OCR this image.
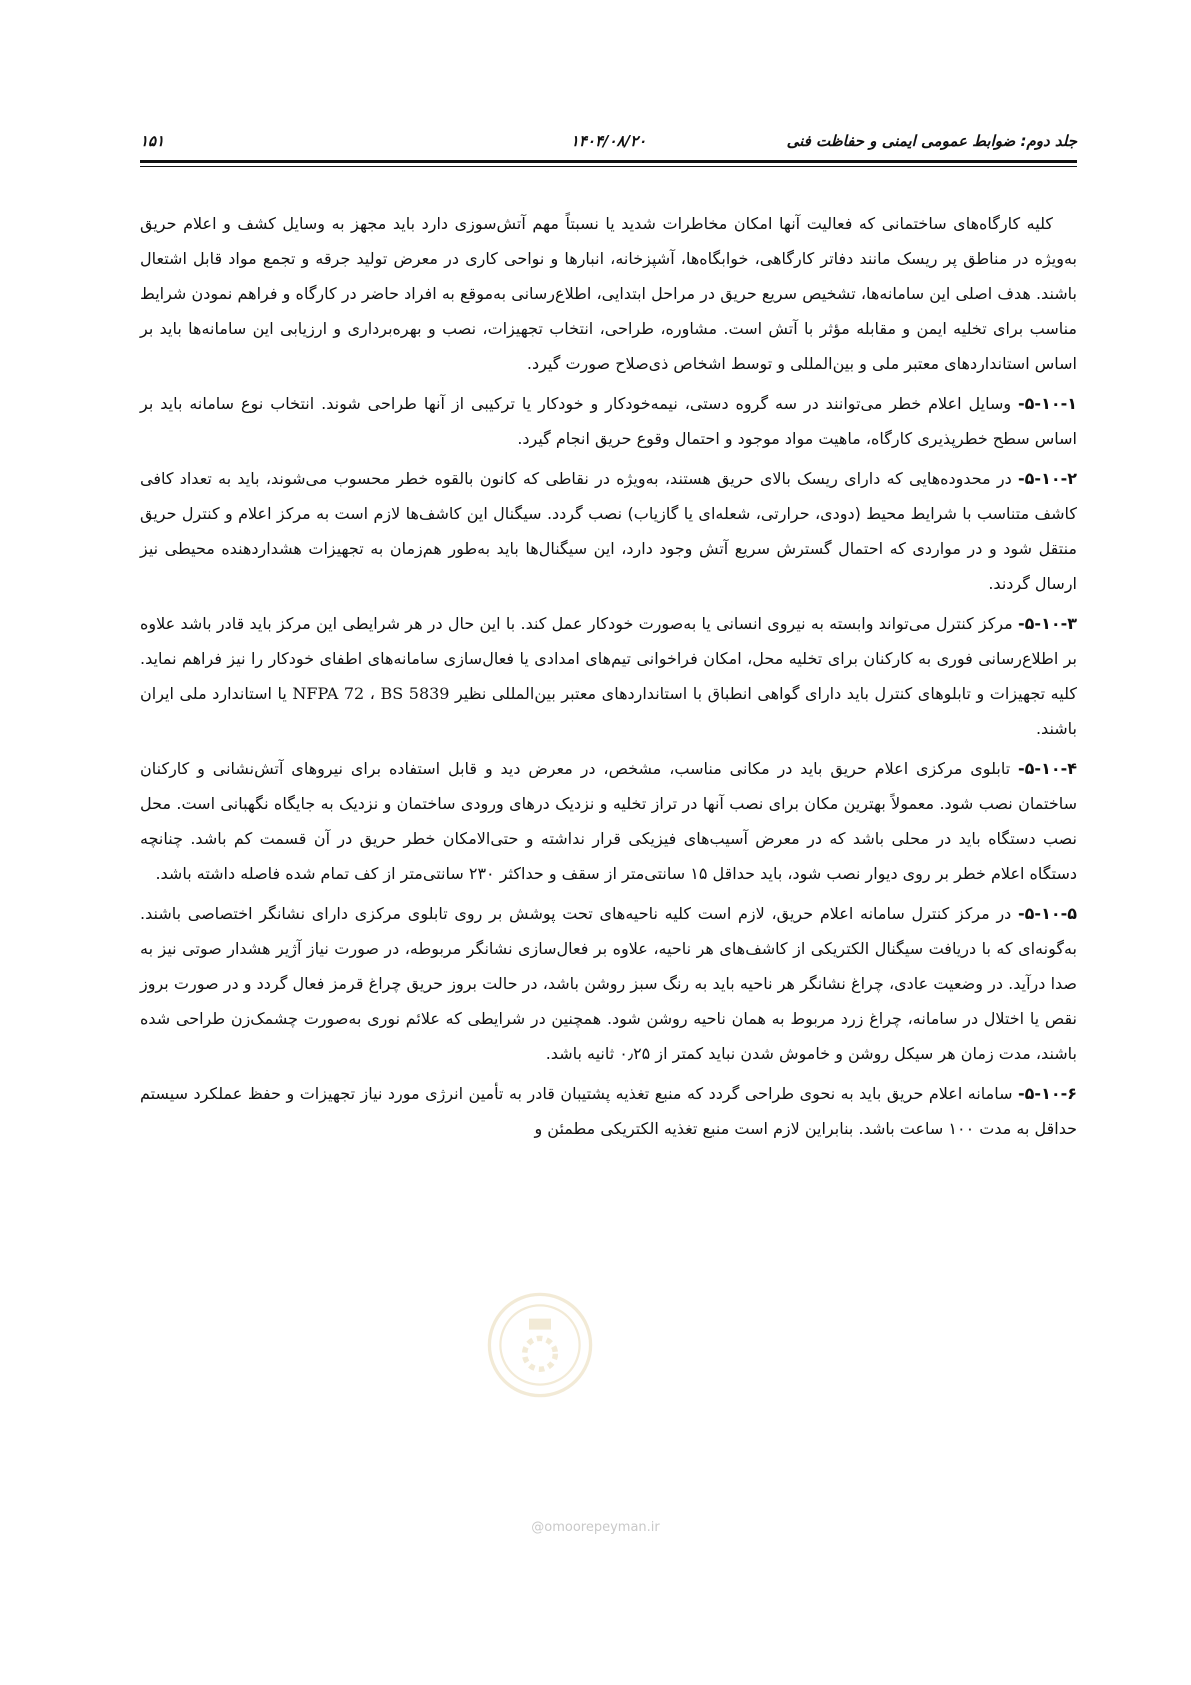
جلد دوم: ضوابط عمومی ایمنی و حفاظت فنی
۱۴۰۴/۰۸/۲۰
۱۵۱

کلیه کارگاه‌های ساختمانی که فعالیت آنها امکان مخاطرات شدید یا نسبتاً مهم آتش‌سوزی دارد باید مجهز به وسایل کشف و اعلام حریق به‌ویژه در مناطق پر ریسک مانند دفاتر کارگاهی، خوابگاه‌ها، آشپزخانه، انبارها و نواحی کاری در معرض تولید جرقه و تجمع مواد قابل اشتعال باشند. هدف اصلی این سامانه‌ها، تشخیص سریع حریق در مراحل ابتدایی، اطلاع‌رسانی به‌موقع به افراد حاضر در کارگاه و فراهم نمودن شرایط مناسب برای تخلیه ایمن و مقابله مؤثر با آتش است. مشاوره، طراحی، انتخاب تجهیزات، نصب و بهره‌برداری و ارزیابی این سامانه‌ها باید بر اساس استانداردهای معتبر ملی و بین‌المللی و توسط اشخاص ذی‌صلاح صورت گیرد.

۵-۱۰-۱- وسایل اعلام خطر می‌توانند در سه گروه دستی، نیمه‌خودکار و خودکار یا ترکیبی از آنها طراحی شوند. انتخاب نوع سامانه باید بر اساس سطح خطرپذیری کارگاه، ماهیت مواد موجود و احتمال وقوع حریق انجام گیرد.

۵-۱۰-۲- در محدوده‌هایی که دارای ریسک بالای حریق هستند، به‌ویژه در نقاطی که کانون بالقوه خطر محسوب می‌شوند، باید به تعداد کافی کاشف متناسب با شرایط محیط (دودی، حرارتی، شعله‌ای یا گازیاب) نصب گردد. سیگنال این کاشف‌ها لازم است به مرکز اعلام و کنترل حریق منتقل شود و در مواردی که احتمال گسترش سریع آتش وجود دارد، این سیگنال‌ها باید به‌طور هم‌زمان به تجهیزات هشداردهنده محیطی نیز ارسال گردند.

۵-۱۰-۳- مرکز کنترل می‌تواند وابسته به نیروی انسانی یا به‌صورت خودکار عمل کند. با این حال در هر شرایطی این مرکز باید قادر باشد علاوه بر اطلاع‌رسانی فوری به کارکنان برای تخلیه محل، امکان فراخوانی تیم‌های امدادی یا فعال‌سازی سامانه‌های اطفای خودکار را نیز فراهم نماید. کلیه تجهیزات و تابلوهای کنترل باید دارای گواهی انطباق با استانداردهای معتبر بین‌المللی نظیر NFPA 72 ، BS 5839 یا استاندارد ملی ایران باشند.

۵-۱۰-۴- تابلوی مرکزی اعلام حریق باید در مکانی مناسب، مشخص، در معرض دید و قابل استفاده برای نیروهای آتش‌نشانی و کارکنان ساختمان نصب شود. معمولاً بهترین مکان برای نصب آنها در تراز تخلیه و نزدیک درهای ورودی ساختمان و نزدیک به جایگاه نگهبانی است. محل نصب دستگاه باید در محلی باشد که در معرض آسیب‌های فیزیکی قرار نداشته و حتی‌الامکان خطر حریق در آن قسمت کم باشد. چنانچه دستگاه اعلام خطر بر روی دیوار نصب شود، باید حداقل ۱۵ سانتی‌متر از سقف و حداکثر ۲۳۰ سانتی‌متر از کف تمام شده فاصله داشته باشد.

۵-۱۰-۵- در مرکز کنترل سامانه اعلام حریق، لازم است کلیه ناحیه‌های تحت پوشش بر روی تابلوی مرکزی دارای نشانگر اختصاصی باشند. به‌گونه‌ای که با دریافت سیگنال الکتریکی از کاشف‌های هر ناحیه، علاوه بر فعال‌سازی نشانگر مربوطه، در صورت نیاز آژیر هشدار صوتی نیز به صدا درآید. در وضعیت عادی، چراغ نشانگر هر ناحیه باید به رنگ سبز روشن باشد، در حالت بروز حریق چراغ قرمز فعال گردد و در صورت بروز نقص یا اختلال در سامانه، چراغ زرد مربوط به همان ناحیه روشن شود. همچنین در شرایطی که علائم نوری به‌صورت چشمک‌زن طراحی شده باشند، مدت زمان هر سیکل روشن و خاموش شدن نباید کمتر از ۰٫۲۵ ثانیه باشد.

۵-۱۰-۶- سامانه اعلام حریق باید به نحوی طراحی گردد که منبع تغذیه پشتیبان قادر به تأمین انرژی مورد نیاز تجهیزات و حفظ عملکرد سیستم حداقل به مدت ۱۰۰ ساعت باشد. بنابراین لازم است منبع تغذیه الکتریکی مطمئن و

@omoorepeyman.ir
